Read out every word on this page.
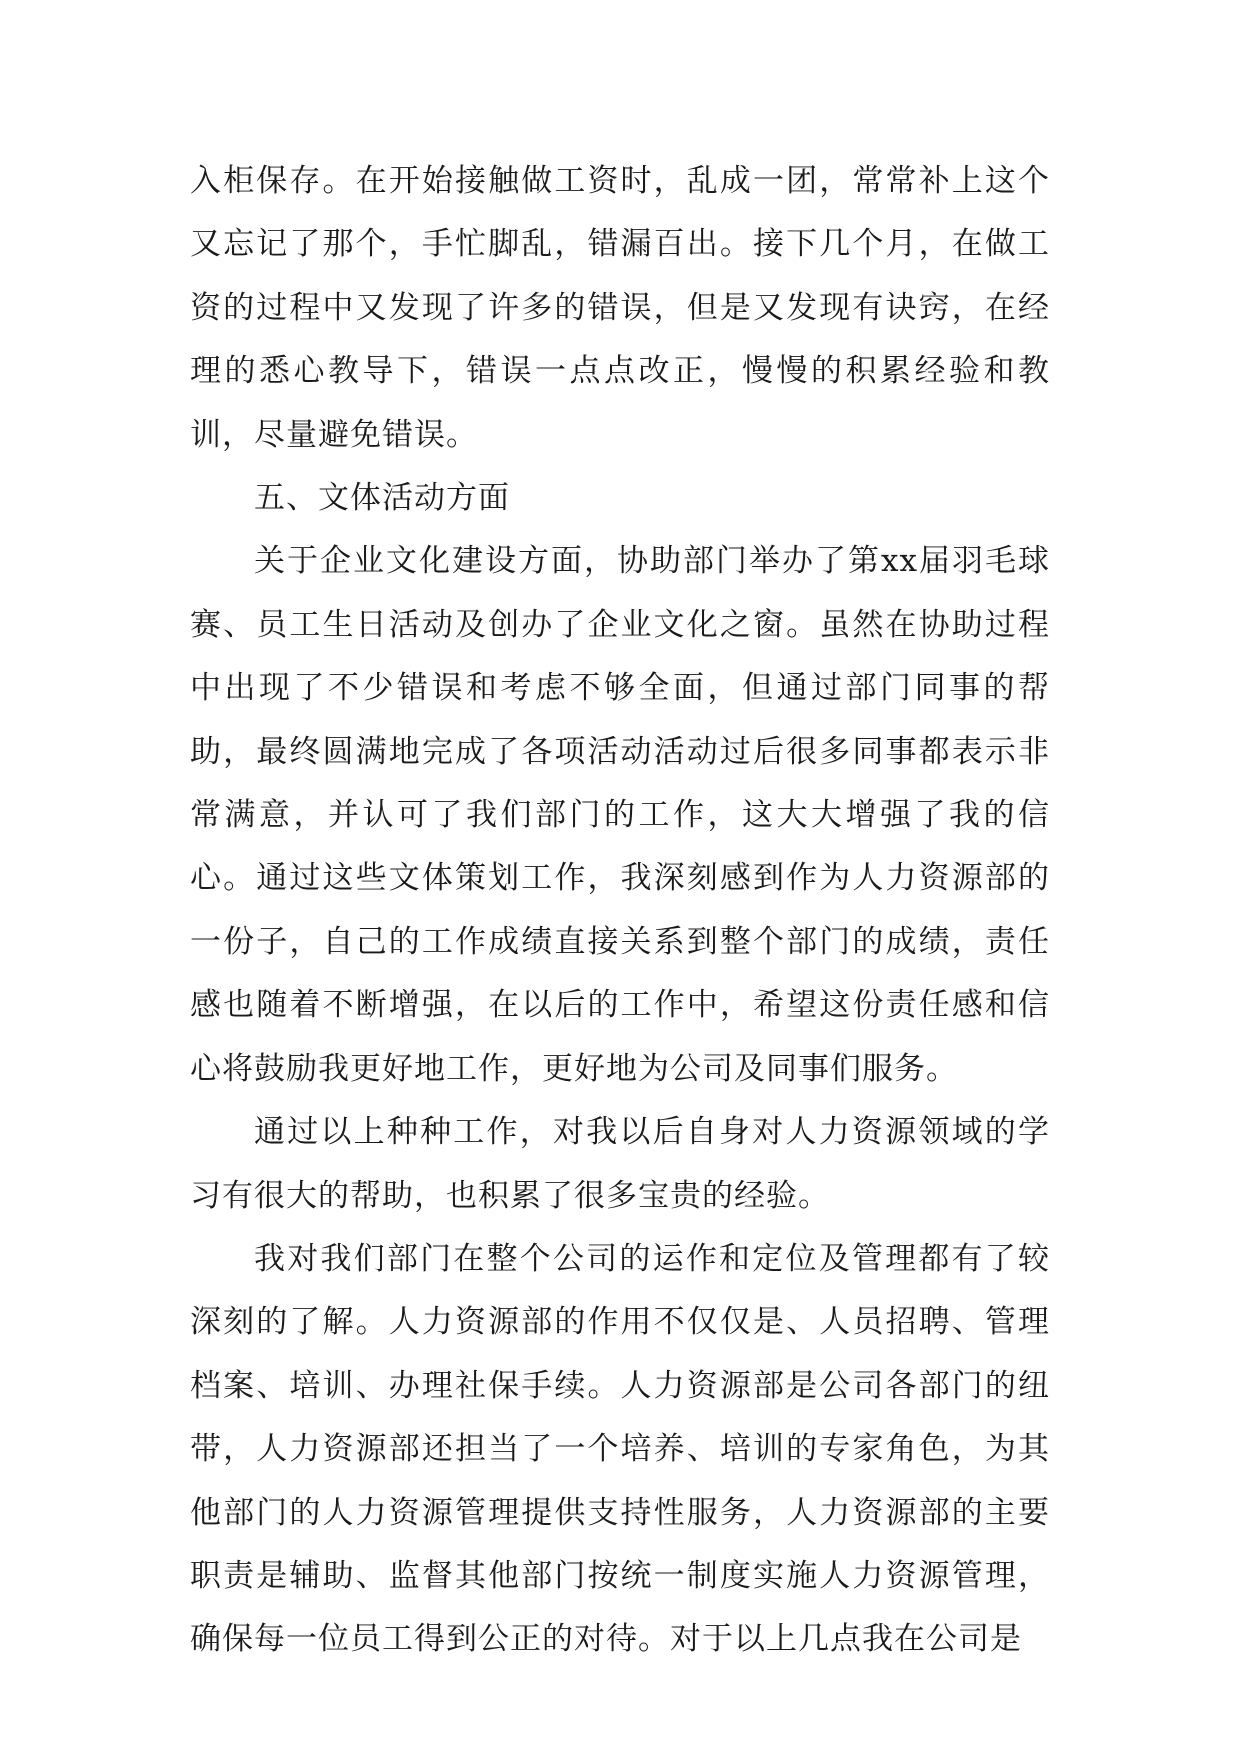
入柜保存。在开始接触做工资时，乱成一团，常常补上这个又忘记了那个，手忙脚乱，错漏百出。接下几个月，在做工资的过程中又发现了许多的错误，但是又发现有诀窍，在经理的悉心教导下，错误一点点改正，慢慢的积累经验和教训，尽量避免错误。

五、文体活动方面

关于企业文化建设方面，协助部门举办了第xx届羽毛球赛、员工生日活动及创办了企业文化之窗。虽然在协助过程中出现了不少错误和考虑不够全面，但通过部门同事的帮助，最终圆满地完成了各项活动活动过后很多同事都表示非常满意，并认可了我们部门的工作，这大大增强了我的信心。通过这些文体策划工作，我深刻感到作为人力资源部的一份子，自己的工作成绩直接关系到整个部门的成绩，责任感也随着不断增强，在以后的工作中，希望这份责任感和信心将鼓励我更好地工作，更好地为公司及同事们服务。

通过以上种种工作，对我以后自身对人力资源领域的学习有很大的帮助，也积累了很多宝贵的经验。

我对我们部门在整个公司的运作和定位及管理都有了较深刻的了解。人力资源部的作用不仅仅是、人员招聘、管理档案、培训、办理社保手续。人力资源部是公司各部门的纽带，人力资源部还担当了一个培养、培训的专家角色，为其他部门的人力资源管理提供支持性服务，人力资源部的主要职责是辅助、监督其他部门按统一制度实施人力资源管理，确保每一位员工得到公正的对待。对于以上几点我在公司是
